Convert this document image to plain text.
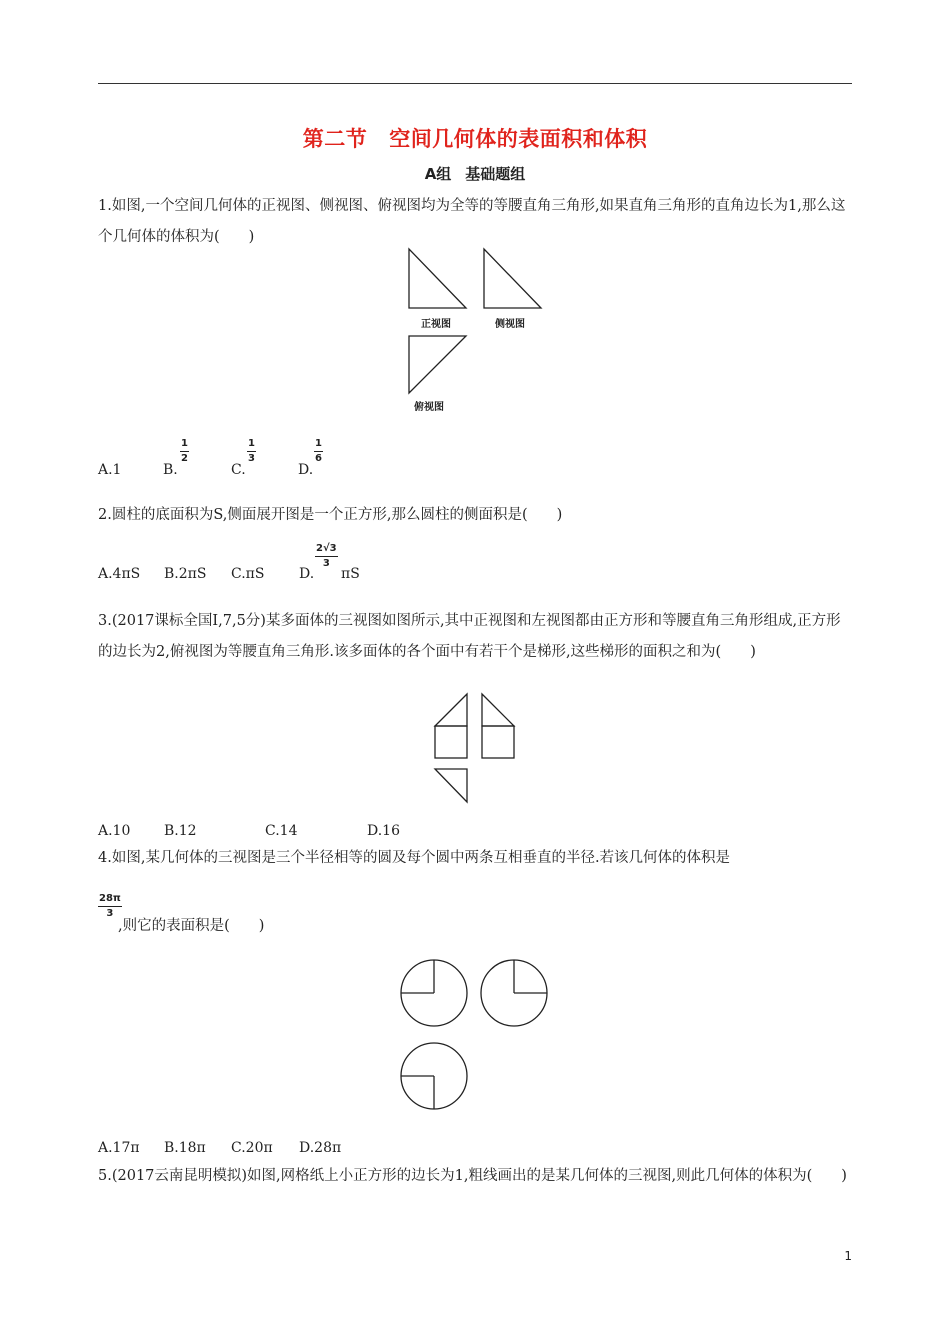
第二节 空间几何体的表面积和体积
A组 基础题组
1.如图,一个空间几何体的正视图、侧视图、俯视图均为全等的等腰直角三角形,如果直角三角形的直角边长为1,那么这个几何体的体积为(　　)
正视图	侧视图
俯视图
A.1	B.	C.	D.
$\frac{1}{2}$	$\frac{1}{3}$	$\frac{1}{6}$
2.圆柱的底面积为S,侧面展开图是一个正方形,那么圆柱的侧面积是(　　)
A.4πS B.2πS C.πS D. πS
$\frac{2√3}{3}$
3.(2017课标全国Ⅰ,7,5分)某多面体的三视图如图所示,其中正视图和左视图都由正方形和等腰直角三角形组成,正方形的边长为2,俯视图为等腰直角三角形.该多面体的各个面中有若干个是梯形,这些梯形的面积之和为(　　)
A.10 B.12	C.14	D.16
4.如图,某几何体的三视图是三个半径相等的圆及每个圆中两条互相垂直的半径.若该几何体的体积是
$\frac{28\pi}{3}$
,则它的表面积是(　　)
A.17π B.18π C.20π D.28π
5.(2017云南昆明模拟)如图,网格纸上小正方形的边长为1,粗线画出的是某几何体的三视图,则此几何体的体积为(　　)
1
